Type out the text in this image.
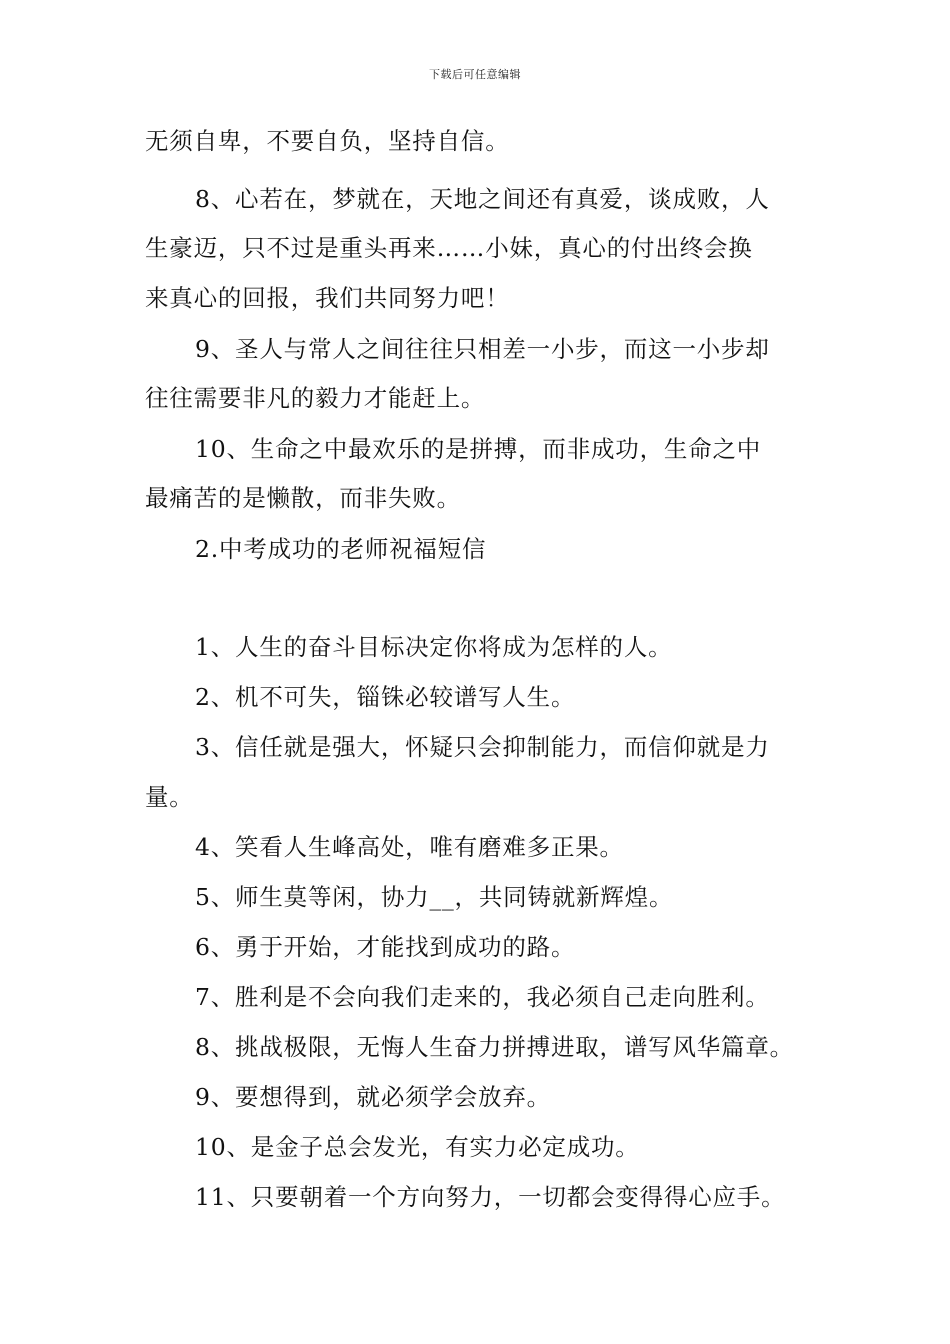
下载后可任意编辑
无须自卑，不要自负，坚持自信。
8、心若在，梦就在，天地之间还有真爱，谈成败，人
生豪迈，只不过是重头再来……小妹，真心的付出终会换
来真心的回报，我们共同努力吧！
9、圣人与常人之间往往只相差一小步，而这一小步却
往往需要非凡的毅力才能赶上。
10、生命之中最欢乐的是拼搏，而非成功，生命之中
最痛苦的是懒散，而非失败。
2.中考成功的老师祝福短信
1、人生的奋斗目标决定你将成为怎样的人。
2、机不可失，锱铢必较谱写人生。
3、信任就是强大，怀疑只会抑制能力，而信仰就是力
量。
4、笑看人生峰高处，唯有磨难多正果。
5、师生莫等闲，协力__，共同铸就新辉煌。
6、勇于开始，才能找到成功的路。
7、胜利是不会向我们走来的，我必须自己走向胜利。
8、挑战极限，无悔人生奋力拼搏进取，谱写风华篇章。
9、要想得到，就必须学会放弃。
10、是金子总会发光，有实力必定成功。
11、只要朝着一个方向努力，一切都会变得得心应手。
